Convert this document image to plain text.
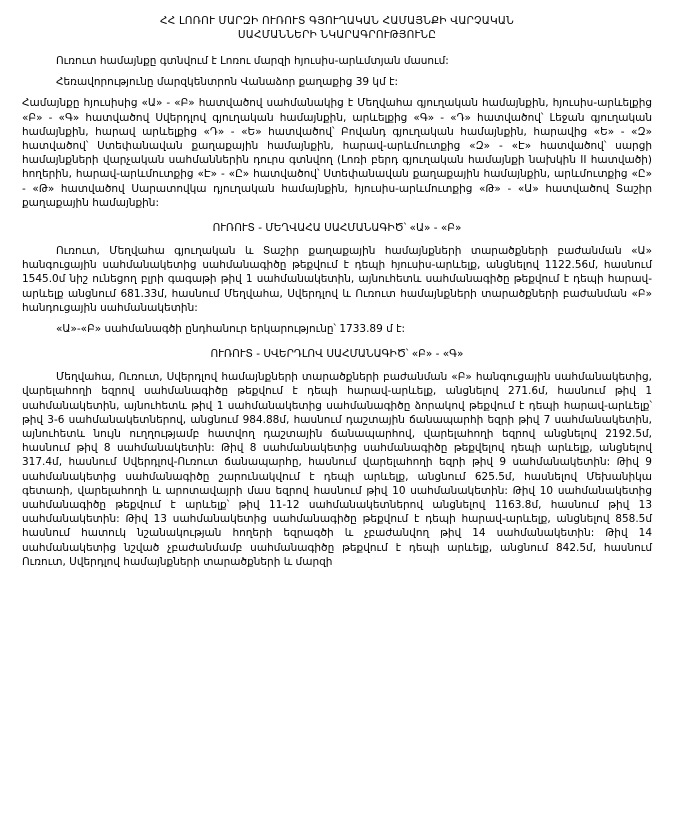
ՀՀ ԼՈՌՈՒ ՄԱՐԶԻ ՈՒՌՈՒՏ ԳՅՈՒՂԱԿԱՆ ՀԱՄԱՅՆՔԻ ՎԱՐՉԱԿԱՆ
ՍԱՀՄԱՆՆԵՐԻ ՆԿԱՐԱԳՐՈՒԹՅՈՒՆԸ

Ուռուտ համայնքը գտնվում է Լոռու մարզի հյուսիս-արևմտյան մասում:

Հեռավորությունը մարզկենտրոն Վանաձոր քաղաքից 39 կմ է:

Համայնքը հյուսիսից «Ա» - «Բ» հատվածով սահմանակից է Մեղվահա գյուղական համայնքին, հյուսիս-արևելքից «Բ» - «Գ» հատվածով Սվերդլով գյուղական համայնքին, արևելքից «Գ» - «Դ» հատվածով՝ Լեջան գյուղական համայնքին, հարավ արևելքից «Դ» - «Ե» հատվածով՝ Բովանդ գյուղական համայնքին, հարավից «Ե» - «Զ» հատվածով՝ Ստեփանավան քաղաքային համայնքին, հարավ-արևմուտքից «Զ» - «Է» հատվածով՝ սարցի համայնքների վարչական սահմաններին դուրս գտնվող (Լոռի բերդ գյուղական համայնքի նախկին II հատվածի) հողերին, հարավ-արևմուտքից «Է» - «Ը» հատվածով՝ Ստեփանավան քաղաքային համայնքին, արևմուտքից «Ը» - «Թ» հատվածով Սարատովկա դյուղական համայնքին, հյուսիս-արևմուտքից «Թ» - «Ա» հատվածով Տաշիր քաղաքային համայնքին:

ՈՒՌՈՒՏ - ՄԵՂՎԱՀԱ ՍԱՀՄԱՆԱԳԻԾ՝ «Ա» - «Բ»

Ուռուտ, Մեղվահա գյուղական և Տաշիր քաղաքային համայնքների տարածքների բաժանման «Ա» հանգուցային սահմանակետից սահմանագիծը թեքվում է դեպի հյուսիս-արևելք, անցնելով 1122.56մ, հասնում 1545.0մ նիշ ունեցող բլրի գագաթի թիվ 1 սահմանակետին, այնուհետև սահմանագիծը թեքվում է դեպի հարավ-արևելք անցնում 681.33մ, հասնում Մեղվահա, Սվերդլով և Ուռուտ համայնքների տարածքների բաժանման «Բ» հանդուցային սահմանակետին:

«Ա»-«Բ» սահմանագծի ընդհանուր երկարությունը՝ 1733.89 մ է:

ՈՒՌՈՒՏ - ՍՎԵՐԴԼՈՎ ՍԱՀՄԱՆԱԳԻԾ՝ «Բ» - «Գ»

Մեղվահա, Ուռուտ, Սվերդլով համայնքների տարածքների բաժանման «Բ» հանգուցային սահմանակետից, վարելահողի եզրով սահմանագիծը թեքվում է դեպի հարավ-արևելք, անցնելով 271.6մ, հասնում թիվ 1 սահմանակետին, այնուհետև թիվ 1 սահմանակետից սահմանագիծը ձորակով թեքվում է դեպի հարավ-արևելք՝ թիվ 3-6 սահմանակետներով, անցնում 984.88մ, հասնում դաշտային ճանապարհի եզրի թիվ 7 սահմանակետին, այնուհետև նույն ուղղությամբ հատվող դաշտային ճանապարհով, վարելահողի եզրով անցնելով 2192.5մ, հասնում թիվ 8 սահմանակետին: Թիվ 8 սահմանակետից սահմանագիծը թեքվելով դեպի արևելք, անցնելով 317.4մ, հասնում Սվերդլով-Ուռուտ ճանապարհը, հասնում վարելահողի եզրի թիվ 9 սահմանակետին: Թիվ 9 սահմանակետից սահմանագիծը շարունակվում է դեպի արևելք, անցնում 625.5մ, հասնելով Մեխանիկա գետառի, վարելահողի և արոտավայրի մաս եզրով հասնում թիվ 10 սահմանակետին: Թիվ 10 սահմանակետից սահմանագիծը թեքվում է արևելք՝ թիվ 11-12 սահմանակետներով անցնելով 1163.8մ, հասնում թիվ 13 սահմանակետին: Թիվ 13 սահմանակետից սահմանագիծը թեքվում է դեպի հարավ-արևելք, անցնելով 858.5մ հասնում հատուկ նշանակության հողերի եզրագծի և չբաժանվող թիվ 14 սահմանակետին: Թիվ 14 սահմանակետից նշված չբաժանմամբ սահմանագիծը թեքվում է դեպի արևելք, անցնում 842.5մ, հասնում Ուռուտ, Սվերդլով համայնքների տարածքների և մարզի
